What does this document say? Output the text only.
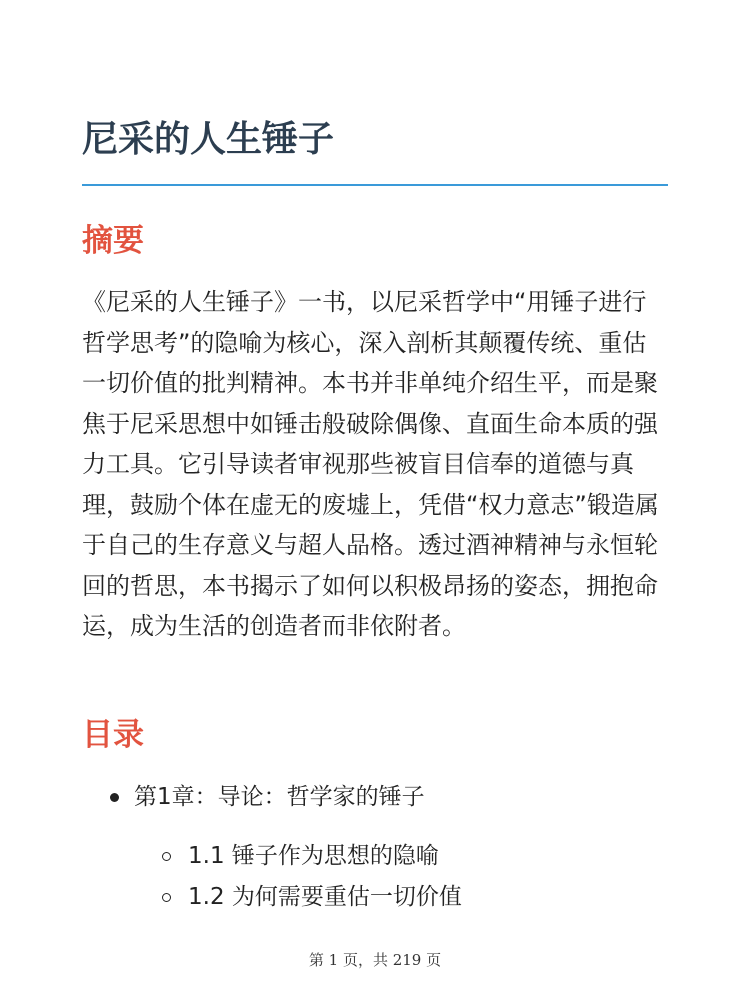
尼采的人生锤子
摘要

《尼采的人生锤子》一书，以尼采哲学中“用锤子进行哲学思考”的隐喻为核心，深入剖析其颠覆传统、重估一切价值的批判精神。本书并非单纯介绍生平，而是聚焦于尼采思想中如锤击般破除偶像、直面生命本质的强力工具。它引导读者审视那些被盲目信奉的道德与真理，鼓励个体在虚无的废墟上，凭借“权力意志”锻造属于自己的生存意义与超人品格。透过酒神精神与永恒轮回的哲思，本书揭示了如何以积极昂扬的姿态，拥抱命运，成为生活的创造者而非依附者。

目录
第1章：导论：哲学家的锤子
1.1 锤子作为思想的隐喻
1.2 为何需要重估一切价值
第 1 页，共 219 页
